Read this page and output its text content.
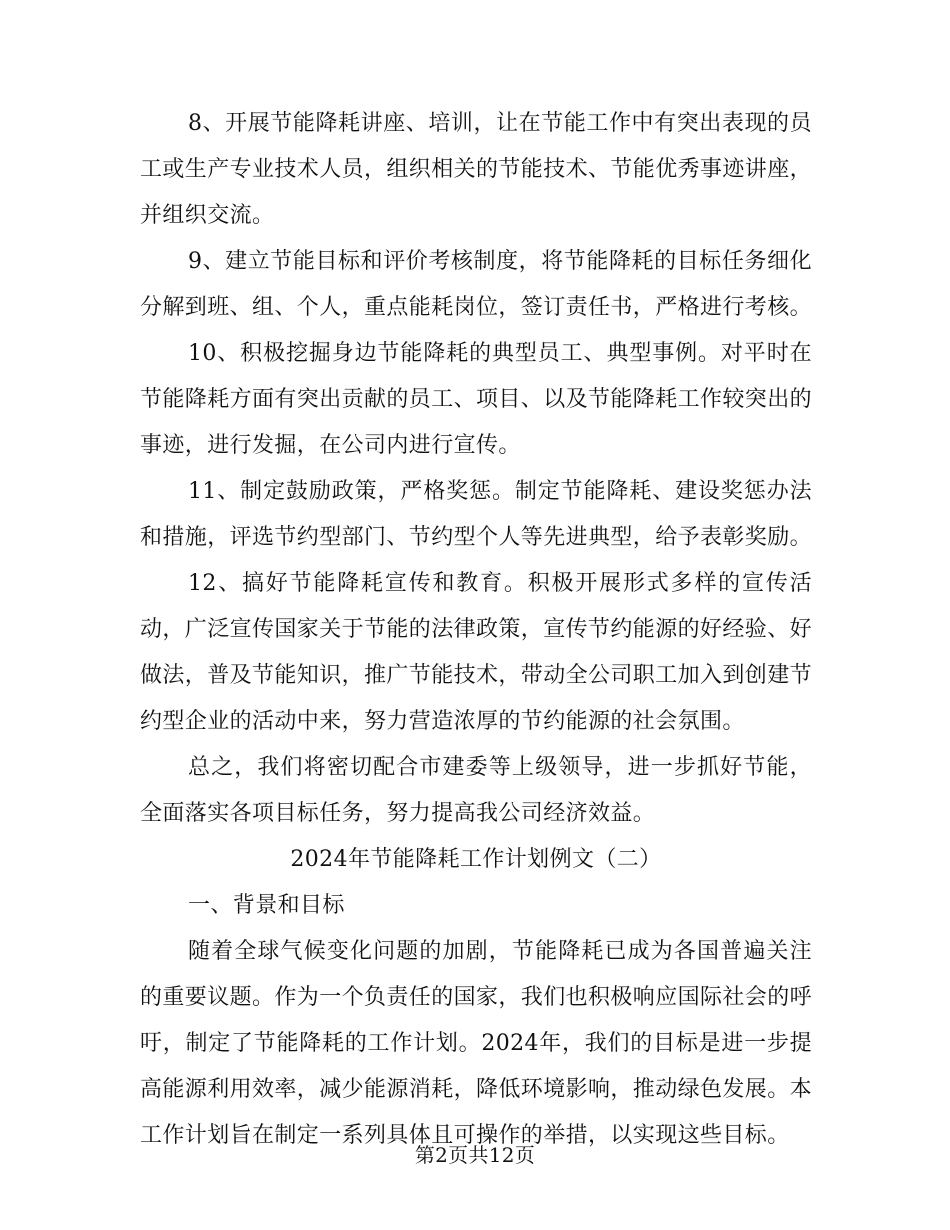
8、开展节能降耗讲座、培训，让在节能工作中有突出表现的员工或生产专业技术人员，组织相关的节能技术、节能优秀事迹讲座，并组织交流。

9、建立节能目标和评价考核制度，将节能降耗的目标任务细化分解到班、组、个人，重点能耗岗位，签订责任书，严格进行考核。

10、积极挖掘身边节能降耗的典型员工、典型事例。对平时在节能降耗方面有突出贡献的员工、项目、以及节能降耗工作较突出的事迹，进行发掘，在公司内进行宣传。

11、制定鼓励政策，严格奖惩。制定节能降耗、建设奖惩办法和措施，评选节约型部门、节约型个人等先进典型，给予表彰奖励。

12、搞好节能降耗宣传和教育。积极开展形式多样的宣传活动，广泛宣传国家关于节能的法律政策，宣传节约能源的好经验、好做法，普及节能知识，推广节能技术，带动全公司职工加入到创建节约型企业的活动中来，努力营造浓厚的节约能源的社会氛围。

总之，我们将密切配合市建委等上级领导，进一步抓好节能，全面落实各项目标任务，努力提高我公司经济效益。

2024年节能降耗工作计划例文（二）

一、背景和目标

随着全球气候变化问题的加剧，节能降耗已成为各国普遍关注的重要议题。作为一个负责任的国家，我们也积极响应国际社会的呼吁，制定了节能降耗的工作计划。2024年，我们的目标是进一步提高能源利用效率，减少能源消耗，降低环境影响，推动绿色发展。本工作计划旨在制定一系列具体且可操作的举措，以实现这些目标。

第2页共12页
